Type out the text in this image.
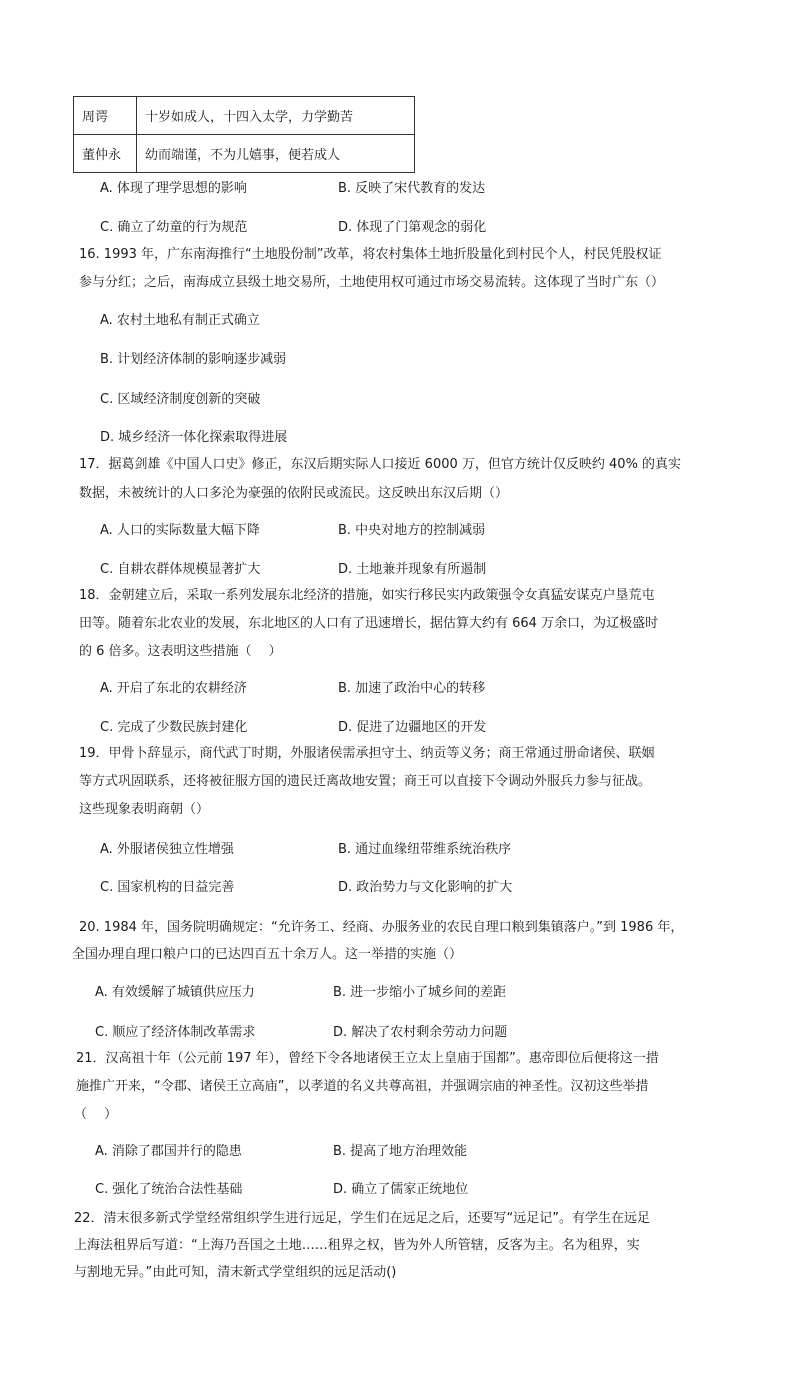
周谔	十岁如成人，十四入太学，力学勤苦
董仲永	幼而端谨，不为儿嬉事，便若成人
A. 体现了理学思想的影响	B. 反映了宋代教育的发达
C. 确立了幼童的行为规范	D. 体现了门第观念的弱化
16. 1993 年，广东南海推行“土地股份制”改革，将农村集体土地折股量化到村民个人，村民凭股权证
参与分红；之后，南海成立县级土地交易所，土地使用权可通过市场交易流转。这体现了当时广东（）
A. 农村土地私有制正式确立
B. 计划经济体制的影响逐步减弱
C. 区域经济制度创新的突破
D. 城乡经济一体化探索取得进展
17．据葛剑雄《中国人口史》修正，东汉后期实际人口接近 6000 万，但官方统计仅反映约 40% 的真实
数据，未被统计的人口多沦为豪强的依附民或流民。这反映出东汉后期（）
A. 人口的实际数量大幅下降	B. 中央对地方的控制减弱
C. 自耕农群体规模显著扩大	D. 土地兼并现象有所遏制
18．金朝建立后，采取一系列发展东北经济的措施，如实行移民实内政策强令女真猛安谋克户垦荒屯
田等。随着东北农业的发展，东北地区的人口有了迅速增长，据估算大约有 664 万余口，为辽极盛时
的 6 倍多。这表明这些措施（　 ）
A. 开启了东北的农耕经济	B. 加速了政治中心的转移
C. 完成了少数民族封建化	D. 促进了边疆地区的开发
19．甲骨卜辞显示，商代武丁时期，外服诸侯需承担守土、纳贡等义务；商王常通过册命诸侯、联姻
等方式巩固联系，还将被征服方国的遗民迁离故地安置；商王可以直接下令调动外服兵力参与征战。
这些现象表明商朝（）
A. 外服诸侯独立性增强	B. 通过血缘纽带维系统治秩序
C. 国家机构的日益完善	D. 政治势力与文化影响的扩大
20. 1984 年，国务院明确规定：“允许务工、经商、办服务业的农民自理口粮到集镇落户。”到 1986 年，
全国办理自理口粮户口的已达四百五十余万人。这一举措的实施（）
A. 有效缓解了城镇供应压力	B. 进一步缩小了城乡间的差距
C. 顺应了经济体制改革需求	D. 解决了农村剩余劳动力问题
21．汉高祖十年（公元前 197 年），曾经下令各地诸侯王立太上皇庙于国都”。惠帝即位后便将这一措
施推广开来，“令郡、诸侯王立高庙”，以孝道的名义共尊高祖，并强调宗庙的神圣性。汉初这些举措
（　 ）
A. 消除了郡国并行的隐患	B. 提高了地方治理效能
C. 强化了统治合法性基础	D. 确立了儒家正统地位
22．清末很多新式学堂经常组织学生进行远足，学生们在远足之后，还要写“远足记”。有学生在远足
上海法租界后写道：“上海乃吾国之土地……租界之权，皆为外人所管辖，反客为主。名为租界，实
与割地无异。”由此可知，清末新式学堂组织的远足活动()
